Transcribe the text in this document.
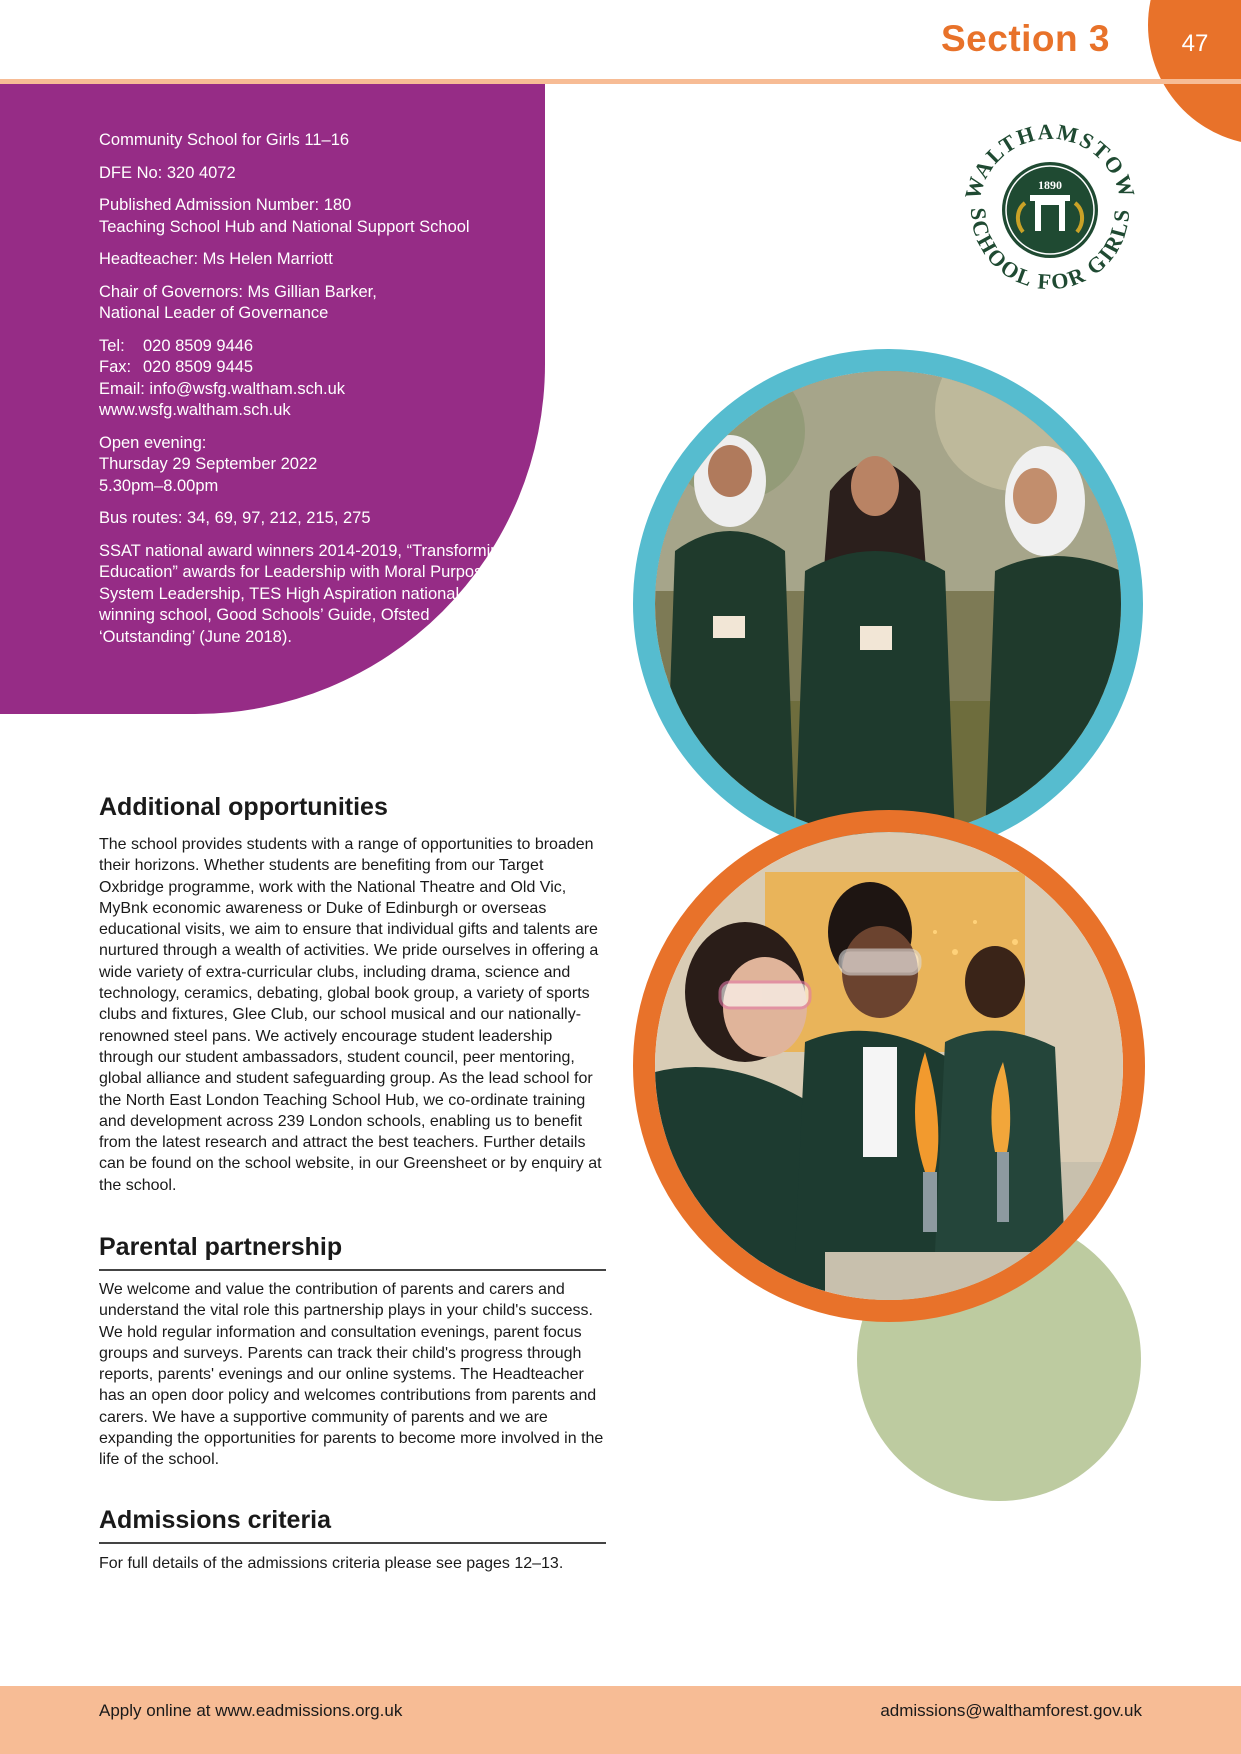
47
Section 3

Community School for Girls 11–16

DFE No: 320 4072

Published Admission Number: 180
Teaching School Hub and National Support School

Headteacher: Ms Helen Marriott

Chair of Governors: Ms Gillian Barker,
National Leader of Governance

Tel: 020 8509 9446
Fax: 020 8509 9445
Email: info@wsfg.waltham.sch.uk
www.wsfg.waltham.sch.uk

Open evening:
Thursday 29 September 2022
5.30pm–8.00pm

Bus routes: 34, 69, 97, 212, 215, 275

SSAT national award winners 2014-2019, “Transforming in Education” awards for Leadership with Moral Purpose and System Leadership, TES High Aspiration national award winning school, Good Schools’ Guide, Ofsted ‘Outstanding’ (June 2018).

WALTHAMSTOW
SCHOOL FOR GIRLS
1890
Additional opportunities
The school provides students with a range of opportunities to broaden their horizons. Whether students are benefiting from our Target Oxbridge programme, work with the National Theatre and Old Vic, MyBnk economic awareness or Duke of Edinburgh or overseas educational visits, we aim to ensure that individual gifts and talents are nurtured through a wealth of activities. We pride ourselves in offering a wide variety of extra-curricular clubs, including drama, science and technology, ceramics, debating, global book group, a variety of sports clubs and fixtures, Glee Club, our school musical and our nationally-renowned steel pans. We actively encourage student leadership through our student ambassadors, student council, peer mentoring, global alliance and student safeguarding group. As the lead school for the North East London Teaching School Hub, we co-ordinate training and development across 239 London schools, enabling us to benefit from the latest research and attract the best teachers. Further details can be found on the school website, in our Greensheet or by enquiry at the school.
Parental partnership
We welcome and value the contribution of parents and carers and understand the vital role this partnership plays in your child's success. We hold regular information and consultation evenings, parent focus groups and surveys. Parents can track their child's progress through reports, parents' evenings and our online systems. The Headteacher has an open door policy and welcomes contributions from parents and carers. We have a supportive community of parents and we are expanding the opportunities for parents to become more involved in the life of the school.
Admissions criteria
For full details of the admissions criteria please see pages 12–13.
Apply online at www.eadmissions.org.uk	admissions@walthamforest.gov.uk
